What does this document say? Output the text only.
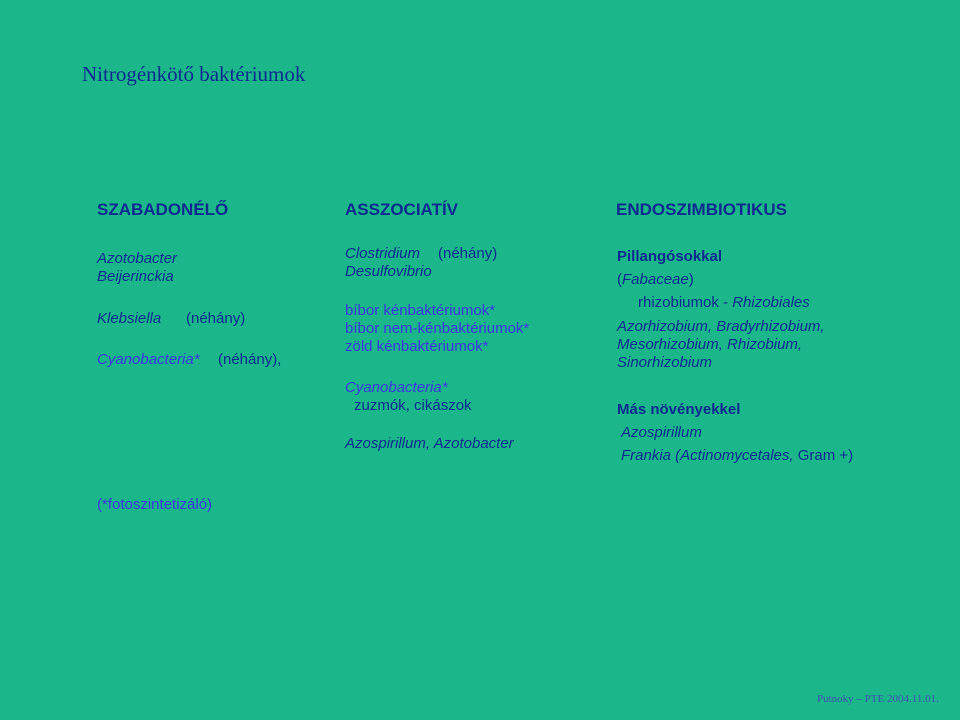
Nitrogénkötő baktériumok
SZABADONÉLŐ
Azotobacter
Beijerinckia
Klebsiella (néhány)
Cyanobacteria* (néhány),
ASSZOCIATÍV
Clostridium (néhány)
Desulfovibrio
bíbor kénbaktériumok*
bíbor nem-kénbaktériumok*
zöld kénbaktériumok*
Cyanobacteria*
zuzmók, cikászok
Azospirillum, Azotobacter
ENDOSZIMBIOTIKUS
Pillangósokkal
(Fabaceae)
rhizobiumok - Rhizobiales
Azorhizobium, Bradyrhizobium,
Mesorhizobium, Rhizobium,
Sinorhizobium
Más növényekkel
Azospirillum
Frankia (Actinomycetales, Gram +)
(*fotoszintetizáló)
Putnoky – PTE 2004.11.01.
